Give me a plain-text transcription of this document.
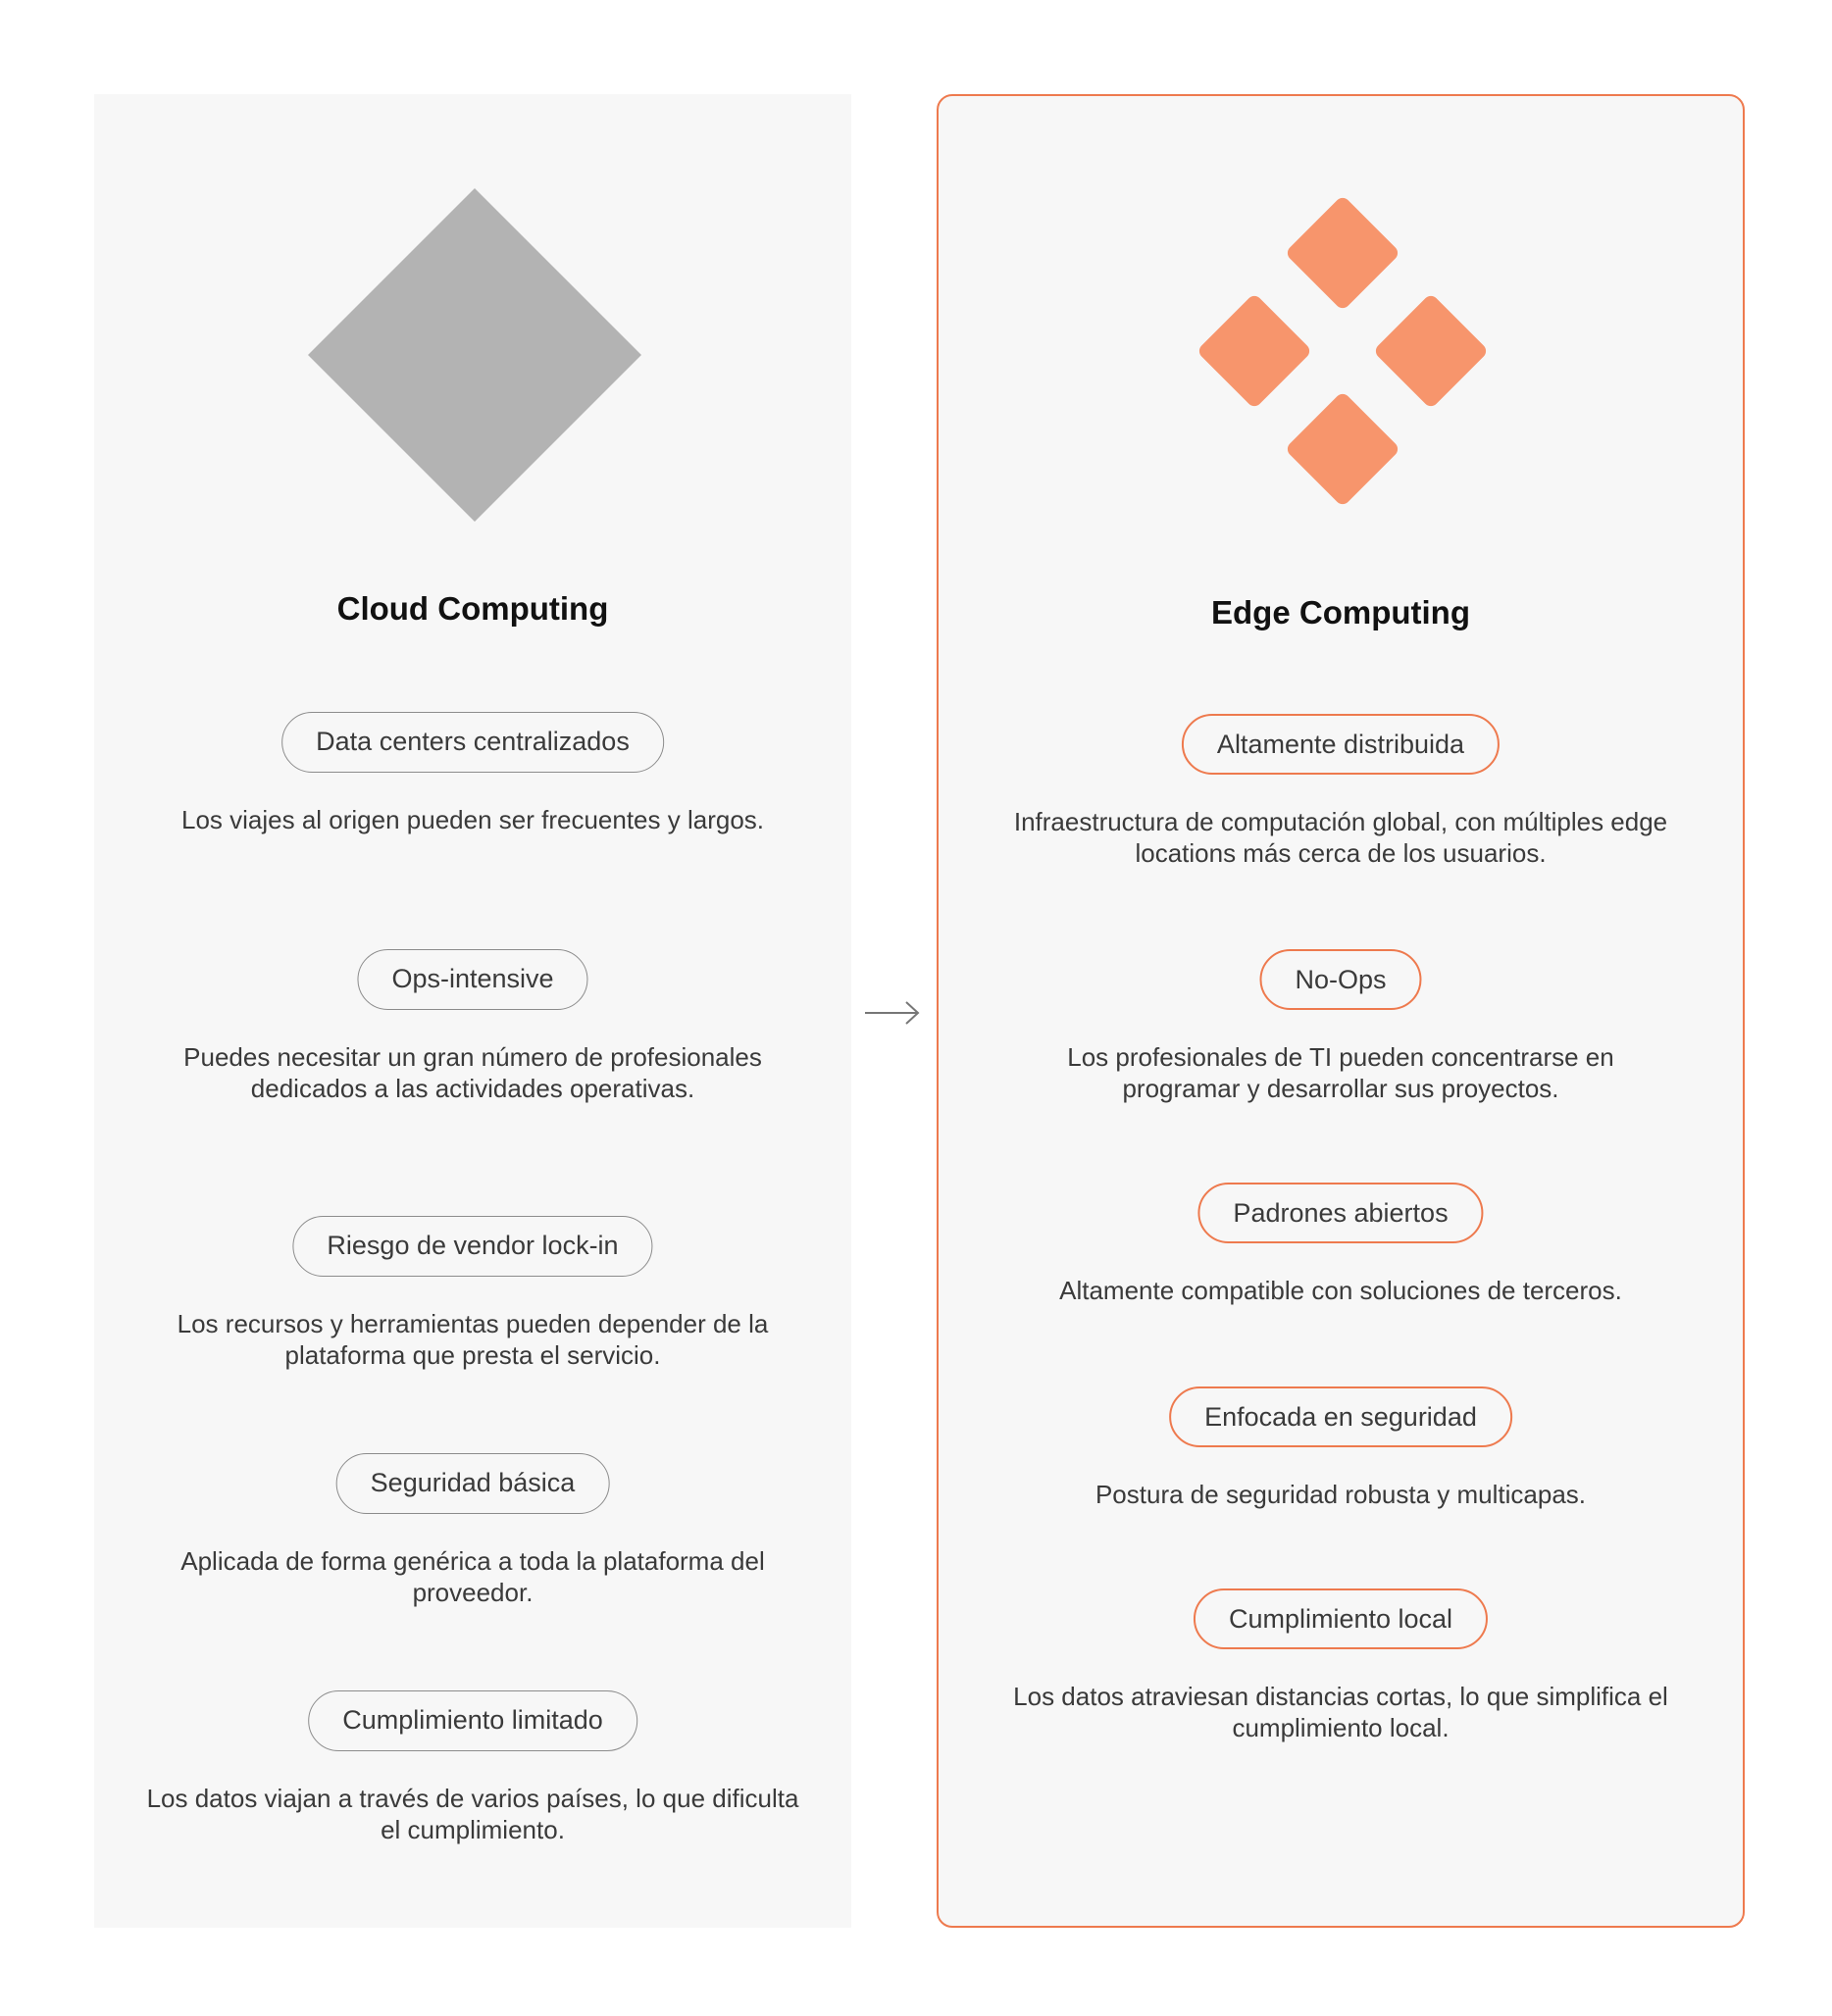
Cloud Computing
Data centers centralizados
Los viajes al origen pueden ser frecuentes y largos.
Ops-intensive
Puedes necesitar un gran número de profesionales dedicados a las actividades operativas.
Riesgo de vendor lock-in
Los recursos y herramientas pueden depender de la plataforma que presta el servicio.
Seguridad básica
Aplicada de forma genérica a toda la plataforma del proveedor.
Cumplimiento limitado
Los datos viajan a través de varios países, lo que dificulta el cumplimiento.
Edge Computing
Altamente distribuida
Infraestructura de computación global, con múltiples edge locations más cerca de los usuarios.
No-Ops
Los profesionales de TI pueden concentrarse en programar y desarrollar sus proyectos.
Padrones abiertos
Altamente compatible con soluciones de terceros.
Enfocada en seguridad
Postura de seguridad robusta y multicapas.
Cumplimiento local
Los datos atraviesan distancias cortas, lo que simplifica el cumplimiento local.
